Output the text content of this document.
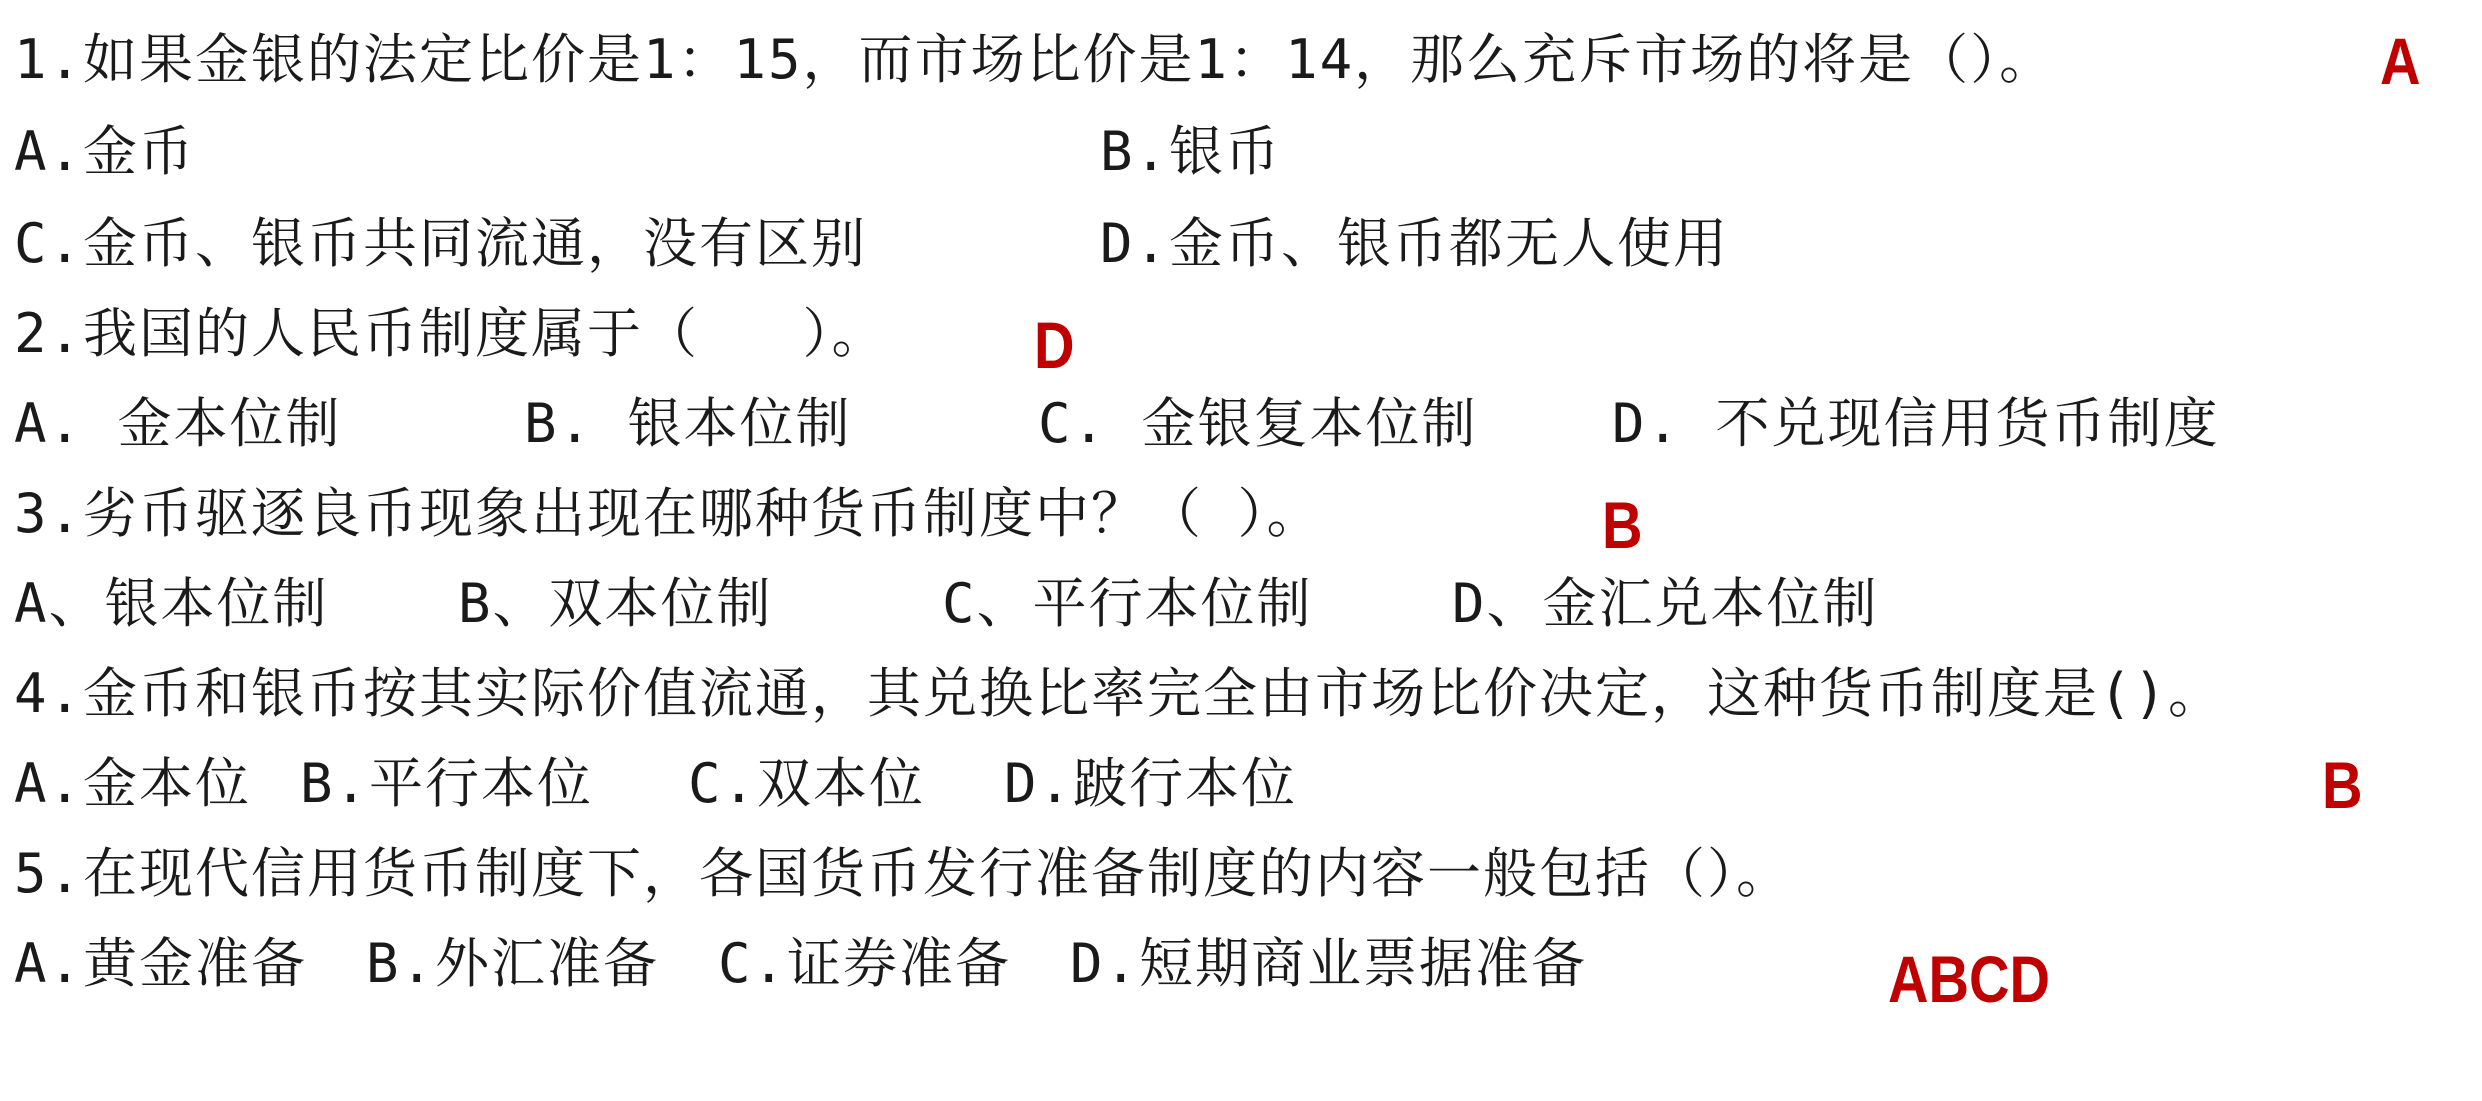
1.如果金银的法定比价是1：15，而市场比价是1：14，那么充斥市场的将是（）。	A
A.金币	B.银币
C.金币、银币共同流通，没有区别	D.金币、银币都无人使用
2.我国的人民币制度属于（   ）。 D
A. 金本位制	B. 银本位制	C. 金银复本位制 D. 不兑现信用货币制度
3.劣币驱逐良币现象出现在哪种货币制度中？（ ）。	B
A、银本位制 B、双本位制	C、平行本位制	D、金汇兑本位制
4.金币和银币按其实际价值流通，其兑换比率完全由市场比价决定，这种货币制度是()。
A.金本位 B.平行本位 C.双本位 D.跛行本位	B
5.在现代信用货币制度下，各国货币发行准备制度的内容一般包括（）。
A.黄金准备 B.外汇准备 C.证券准备 D.短期商业票据准备	ABCD
